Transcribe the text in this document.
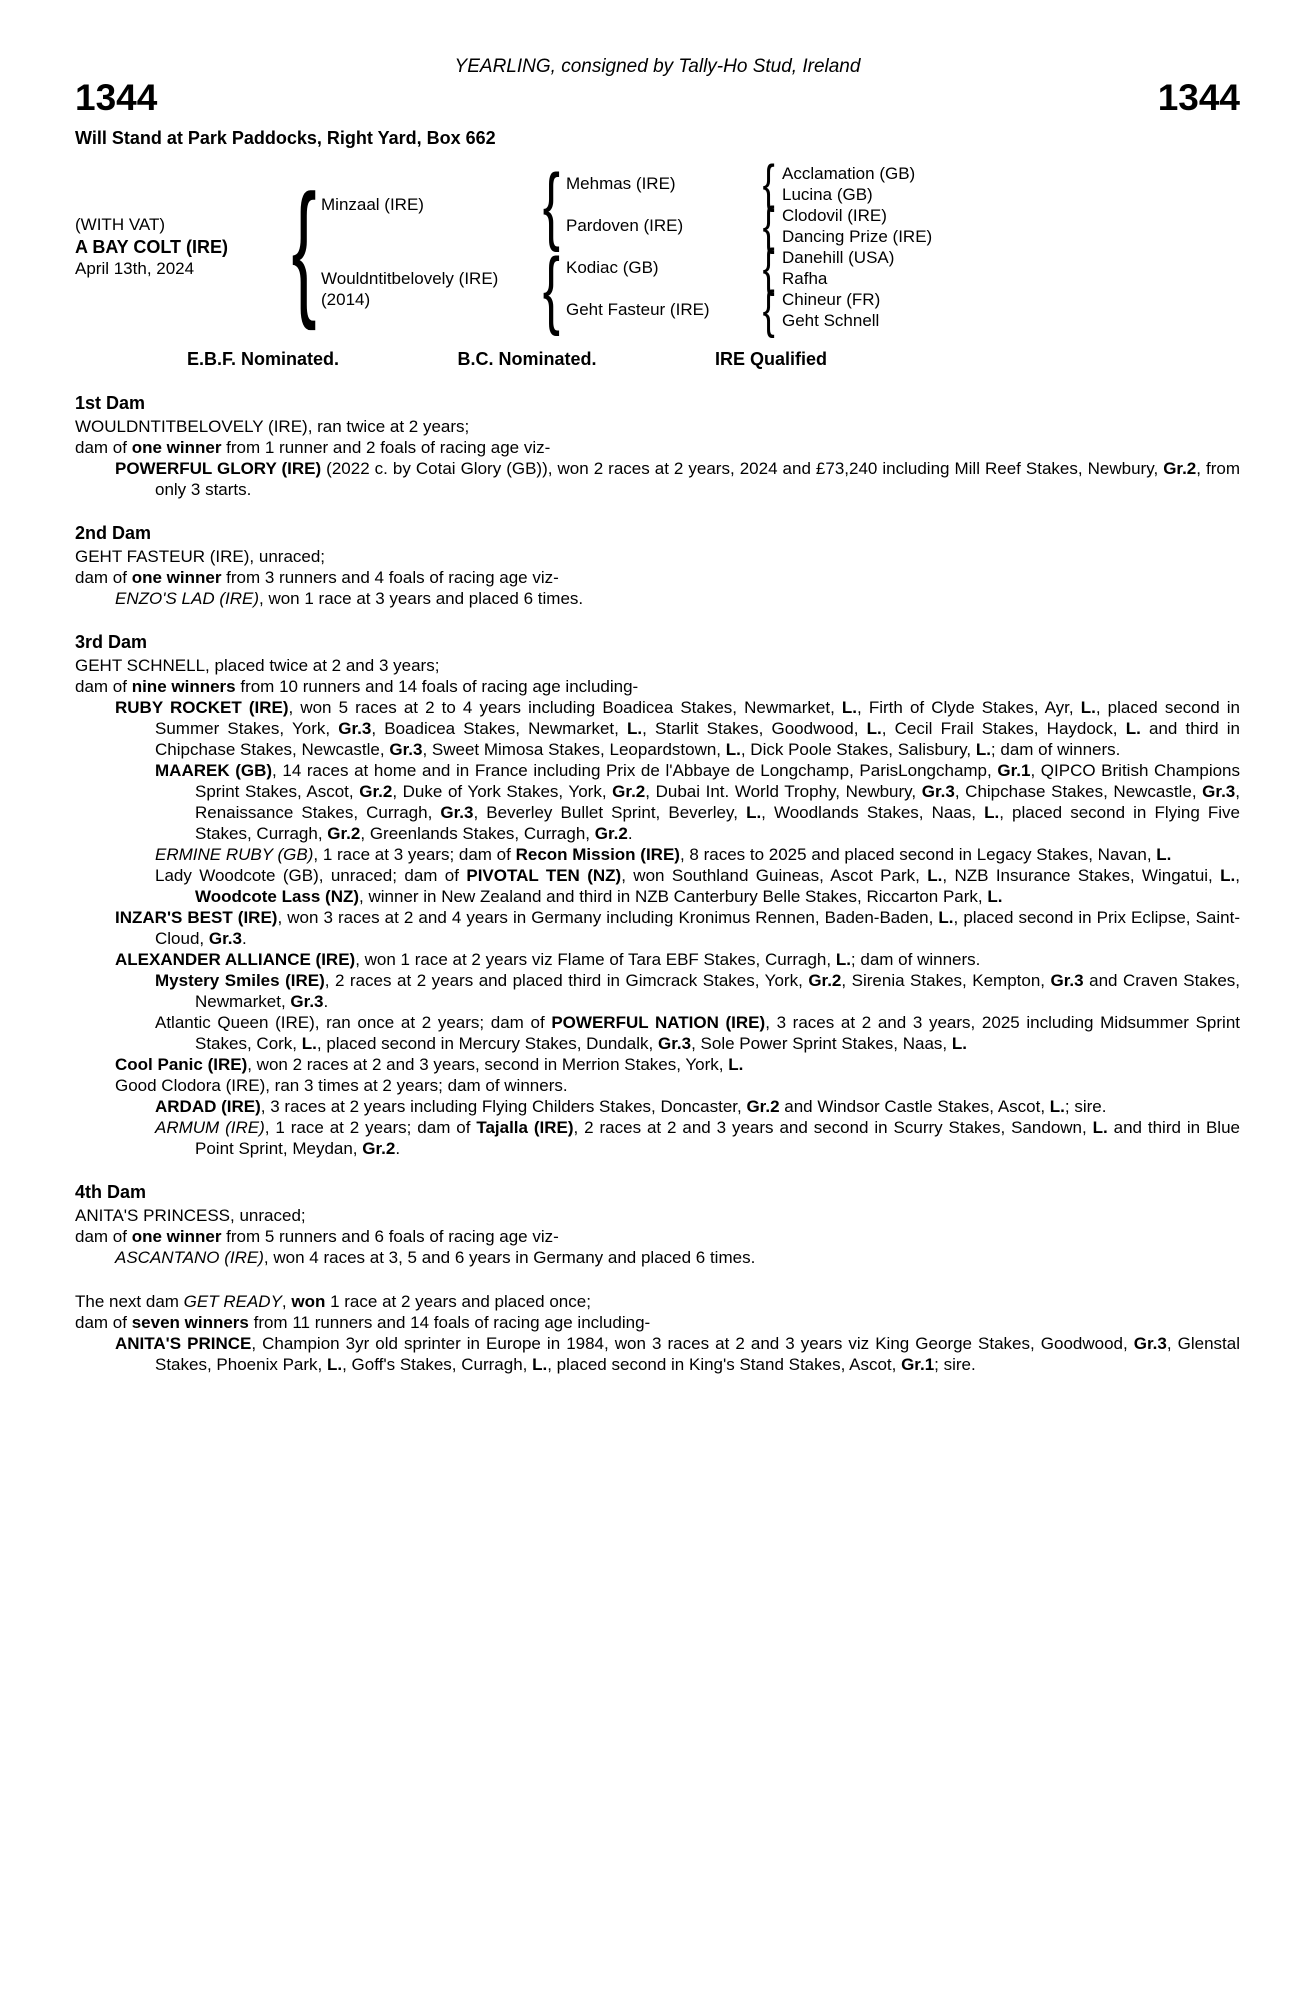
YEARLING, consigned by Tally-Ho Stud, Ireland
1344	1344
Will Stand at Park Paddocks, Right Yard, Box 662
(WITH VAT)
A BAY COLT (IRE)
April 13th, 2024 { Minzaal (IRE)
Wouldntitbelovely (IRE)
(2014)
{
{
Mehmas (IRE)
Pardoven (IRE)
Kodiac (GB)
Geht Fasteur (IRE)
{
{
{
{
Acclamation (GB)
Lucina (GB)
Clodovil (IRE)
Dancing Prize (IRE)
Danehill (USA)
Rafha
Chineur (FR)
Geht Schnell
E.B.F. Nominated.	B.C. Nominated.	IRE Qualified
1st Dam

WOULDNTITBELOVELY (IRE), ran twice at 2 years;

dam of one winner from 1 runner and 2 foals of racing age viz-

POWERFUL GLORY (IRE) (2022 c. by Cotai Glory (GB)), won 2 races at 2 years, 2024 and £73,240 including Mill Reef Stakes, Newbury, Gr.2, from only 3 starts.

2nd Dam

GEHT FASTEUR (IRE), unraced;

dam of one winner from 3 runners and 4 foals of racing age viz-

ENZO'S LAD (IRE), won 1 race at 3 years and placed 6 times.

3rd Dam

GEHT SCHNELL, placed twice at 2 and 3 years;

dam of nine winners from 10 runners and 14 foals of racing age including-

RUBY ROCKET (IRE), won 5 races at 2 to 4 years including Boadicea Stakes, Newmarket, L., Firth of Clyde Stakes, Ayr, L., placed second in Summer Stakes, York, Gr.3, Boadicea Stakes, Newmarket, L., Starlit Stakes, Goodwood, L., Cecil Frail Stakes, Haydock, L. and third in Chipchase Stakes, Newcastle, Gr.3, Sweet Mimosa Stakes, Leopardstown, L., Dick Poole Stakes, Salisbury, L.; dam of winners.

MAAREK (GB), 14 races at home and in France including Prix de l'Abbaye de Longchamp, ParisLongchamp, Gr.1, QIPCO British Champions Sprint Stakes, Ascot, Gr.2, Duke of York Stakes, York, Gr.2, Dubai Int. World Trophy, Newbury, Gr.3, Chipchase Stakes, Newcastle, Gr.3, Renaissance Stakes, Curragh, Gr.3, Beverley Bullet Sprint, Beverley, L., Woodlands Stakes, Naas, L., placed second in Flying Five Stakes, Curragh, Gr.2, Greenlands Stakes, Curragh, Gr.2.

ERMINE RUBY (GB), 1 race at 3 years; dam of Recon Mission (IRE), 8 races to 2025 and placed second in Legacy Stakes, Navan, L.

Lady Woodcote (GB), unraced; dam of PIVOTAL TEN (NZ), won Southland Guineas, Ascot Park, L., NZB Insurance Stakes, Wingatui, L., Woodcote Lass (NZ), winner in New Zealand and third in NZB Canterbury Belle Stakes, Riccarton Park, L.

INZAR'S BEST (IRE), won 3 races at 2 and 4 years in Germany including Kronimus Rennen, Baden-Baden, L., placed second in Prix Eclipse, Saint-Cloud, Gr.3.

ALEXANDER ALLIANCE (IRE), won 1 race at 2 years viz Flame of Tara EBF Stakes, Curragh, L.; dam of winners.

Mystery Smiles (IRE), 2 races at 2 years and placed third in Gimcrack Stakes, York, Gr.2, Sirenia Stakes, Kempton, Gr.3 and Craven Stakes, Newmarket, Gr.3.

Atlantic Queen (IRE), ran once at 2 years; dam of POWERFUL NATION (IRE), 3 races at 2 and 3 years, 2025 including Midsummer Sprint Stakes, Cork, L., placed second in Mercury Stakes, Dundalk, Gr.3, Sole Power Sprint Stakes, Naas, L.

Cool Panic (IRE), won 2 races at 2 and 3 years, second in Merrion Stakes, York, L.

Good Clodora (IRE), ran 3 times at 2 years; dam of winners.

ARDAD (IRE), 3 races at 2 years including Flying Childers Stakes, Doncaster, Gr.2 and Windsor Castle Stakes, Ascot, L.; sire.

ARMUM (IRE), 1 race at 2 years; dam of Tajalla (IRE), 2 races at 2 and 3 years and second in Scurry Stakes, Sandown, L. and third in Blue Point Sprint, Meydan, Gr.2.

4th Dam

ANITA'S PRINCESS, unraced;

dam of one winner from 5 runners and 6 foals of racing age viz-

ASCANTANO (IRE), won 4 races at 3, 5 and 6 years in Germany and placed 6 times.

The next dam GET READY, won 1 race at 2 years and placed once;

dam of seven winners from 11 runners and 14 foals of racing age including-

ANITA'S PRINCE, Champion 3yr old sprinter in Europe in 1984, won 3 races at 2 and 3 years viz King George Stakes, Goodwood, Gr.3, Glenstal Stakes, Phoenix Park, L., Goff's Stakes, Curragh, L., placed second in King's Stand Stakes, Ascot, Gr.1; sire.
